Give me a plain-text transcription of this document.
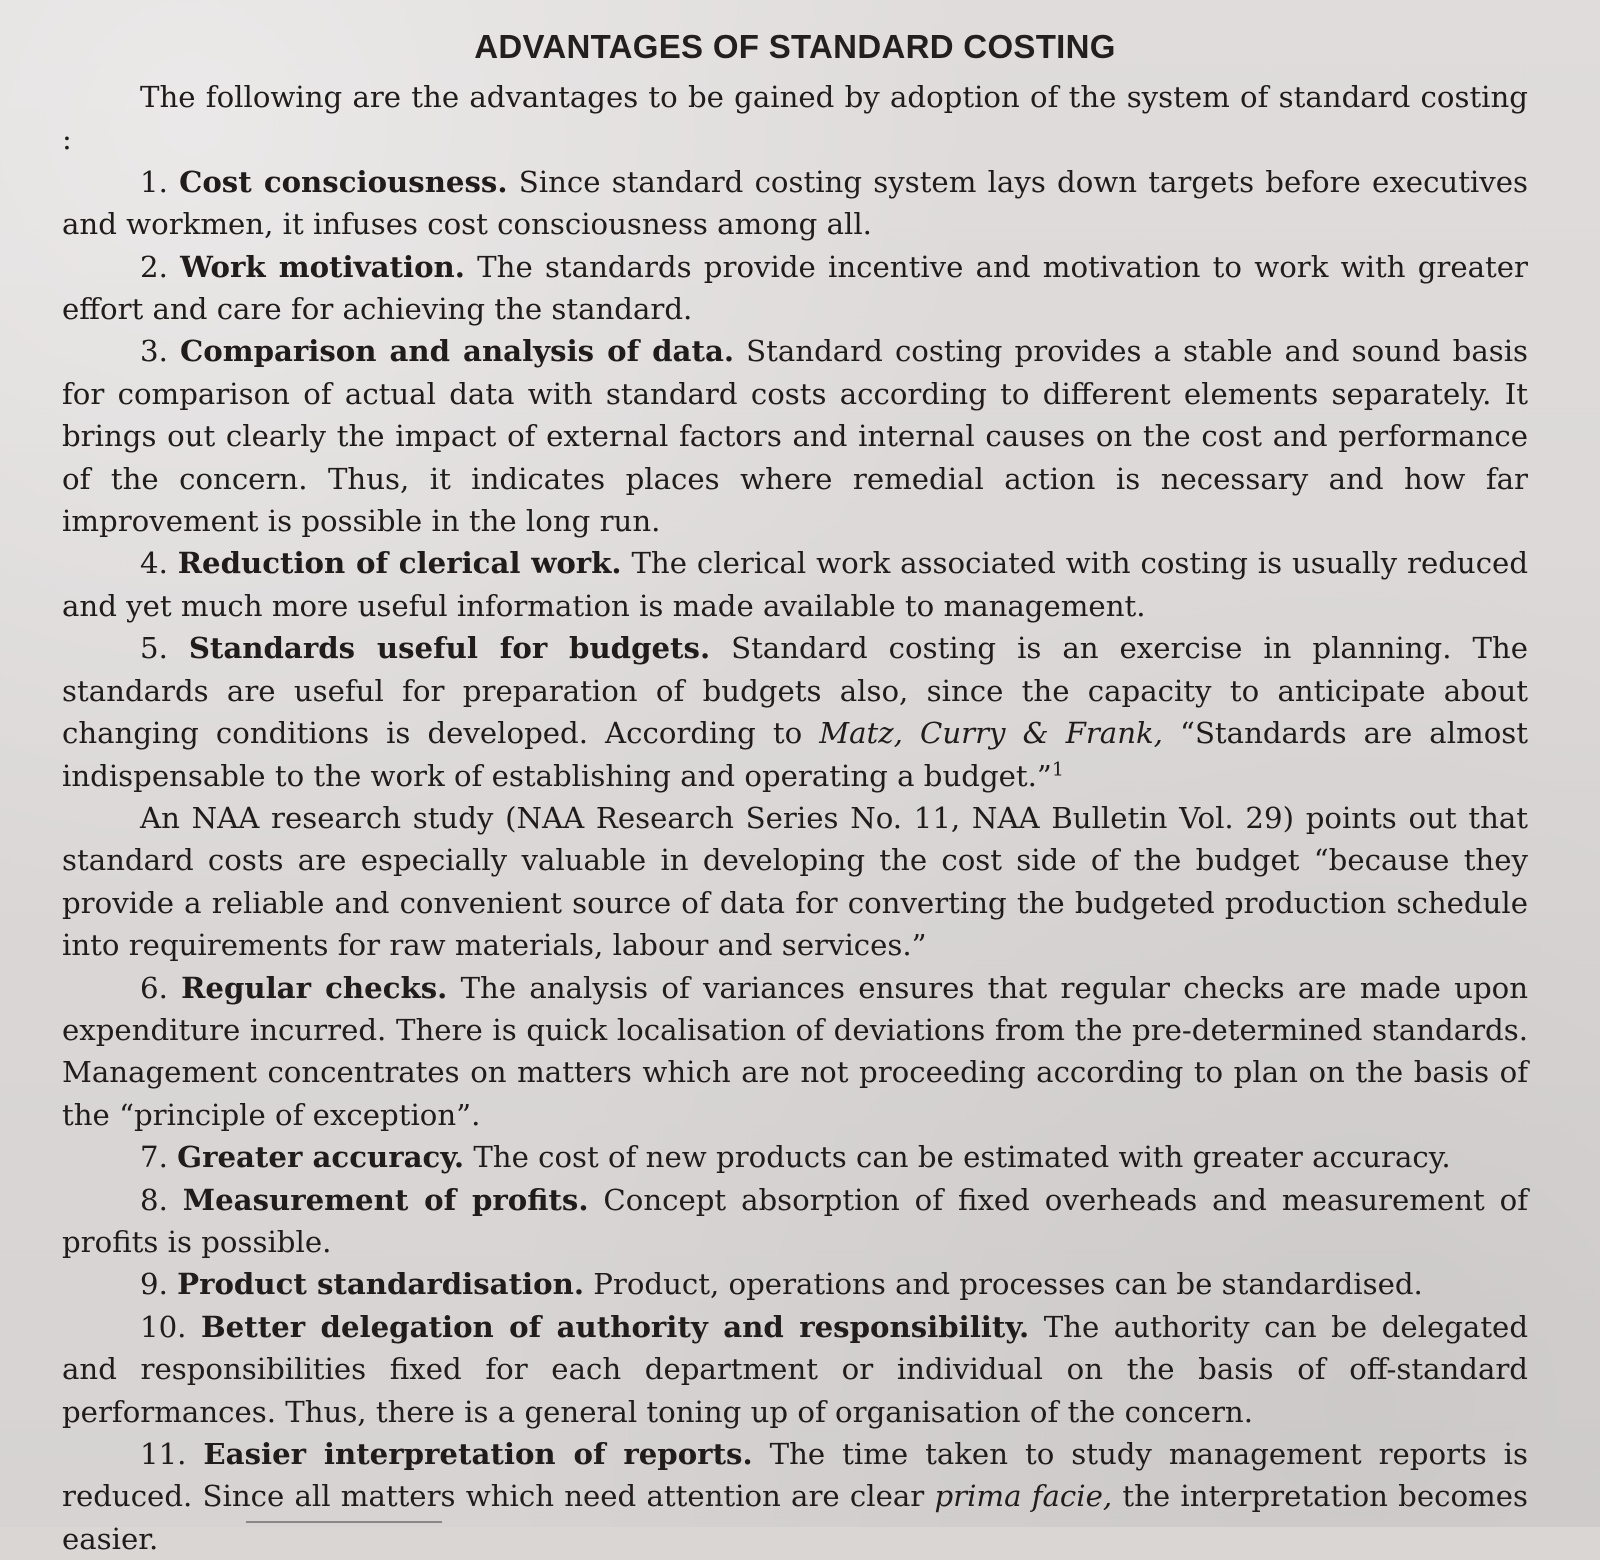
ADVANTAGES OF STANDARD COSTING

The following are the advantages to be gained by adoption of the system of standard costing :

1. Cost consciousness. Since standard costing system lays down targets before executives and workmen, it infuses cost consciousness among all.

2. Work motivation. The standards provide incentive and motivation to work with greater effort and care for achieving the standard.

3. Comparison and analysis of data. Standard costing provides a stable and sound basis for comparison of actual data with standard costs according to different elements separately. It brings out clearly the impact of external factors and internal causes on the cost and performance of the concern. Thus, it indicates places where remedial action is necessary and how far improvement is possible in the long run.

4. Reduction of clerical work. The clerical work associated with costing is usually reduced and yet much more useful information is made available to management.

5. Standards useful for budgets. Standard costing is an exercise in planning. The standards are useful for preparation of budgets also, since the capacity to anticipate about changing conditions is developed. According to Matz, Curry & Frank, “Standards are almost indispensable to the work of establishing and operating a budget.”$^1$

An NAA research study (NAA Research Series No. 11, NAA Bulletin Vol. 29) points out that standard costs are especially valuable in developing the cost side of the budget “because they provide a reliable and convenient source of data for converting the budgeted production schedule into requirements for raw materials, labour and services.”

6. Regular checks. The analysis of variances ensures that regular checks are made upon expenditure incurred. There is quick localisation of deviations from the pre-determined standards. Management concentrates on matters which are not proceeding according to plan on the basis of the “principle of exception”.

7. Greater accuracy. The cost of new products can be estimated with greater accuracy.

8. Measurement of profits. Concept absorption of fixed overheads and measurement of profits is possible.

9. Product standardisation. Product, operations and processes can be standardised.

10. Better delegation of authority and responsibility. The authority can be delegated and responsibilities fixed for each department or individual on the basis of off-standard performances. Thus, there is a general toning up of organisation of the concern.

11. Easier interpretation of reports. The time taken to study management reports is reduced. Since all matters which need attention are clear prima facie, the interpretation becomes easier.
